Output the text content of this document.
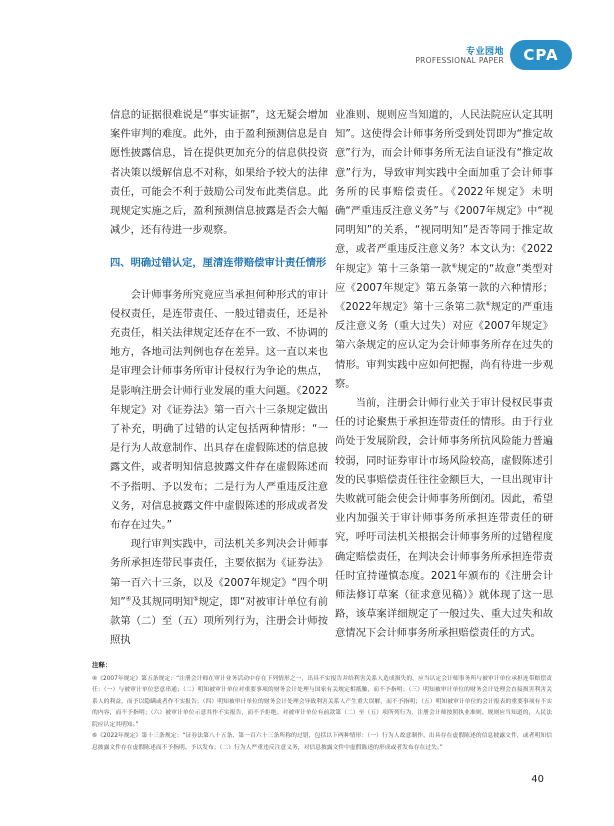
专业园地
PROFESSIONAL PAPER	CPA

信息的证据很难说是“事实证据”，这无疑会增加案件审判的难度。此外，由于盈利预测信息是自愿性披露信息，旨在提供更加充分的信息供投资者决策以缓解信息不对称，如果给予较大的法律责任，可能会不利于鼓励公司发布此类信息。此现规定实施之后，盈利预测信息披露是否会大幅减少，还有待进一步观察。

四、明确过错认定，厘清连带赔偿审计责任情形

会计师事务所究竟应当承担何种形式的审计侵权责任，是连带责任、一般过错责任，还是补充责任，相关法律规定还存在不一致、不协调的地方，各地司法判例也存在差异。这一直以来也是审理会计师事务所审计侵权行为争论的焦点，是影响注册会计师行业发展的重大问题。《2022年规定》对《证券法》第一百六十三条规定做出了补充，明确了过错的认定包括两种情形：“一是行为人故意制作、出具存在虚假陈述的信息披露文件，或者明知信息披露文件存在虚假陈述而不予指明、予以发布；二是行为人严重违反注意义务，对信息披露文件中虚假陈述的形成或者发布存在过失。”

现行审判实践中，司法机关多判决会计师事务所承担连带民事责任，主要依据为《证券法》第一百六十三条，以及《2007年规定》“四个明知”④及其规同明知⑤规定，即“对被审计单位有前款第（二）至（五）项所列行为，注册会计师按照执

业准则、规则应当知道的，人民法院应认定其明知”。这使得会计师事务所受到处罚即为“推定故意”行为，而会计师事务所无法自证没有“推定故意”行为，导致审判实践中全面加重了会计师事务所的民事赔偿责任。《2022年规定》未明确“严重违反注意义务”与《2007年规定》中“视同明知”的关系，“视同明知”是否等同于推定故意，或者严重违反注意义务？本文认为：《2022年规定》第十三条第一款⑥规定的“故意”类型对应《2007年规定》第五条第一款的六种情形；《2022年规定》第十三条第二款⑥规定的严重违反注意义务（重大过失）对应《2007年规定》第六条规定的应认定为会计师事务所存在过失的情形。审判实践中应如何把握，尚有待进一步观察。

当前，注册会计师行业关于审计侵权民事责任的讨论聚焦于承担连带责任的情形。由于行业尚处于发展阶段，会计师事务所抗风险能力普遍较弱，同时证券审计市场风险较高，虚假陈述引发的民事赔偿责任往往金额巨大，一旦出现审计失败就可能会使会计师事务所倒闭。因此，希望业内加强关于审计师事务所承担连带责任的研究，呼吁司法机关根据会计师事务所的过错程度确定赔偿责任，在判决会计师事务所承担连带责任时宜持谨慎态度。2021年颁布的《注册会计师法修订草案（征求意见稿）》就体现了这一思路，该草案详细规定了一般过失、重大过失和故意情况下会计师事务所承担赔偿责任的方式。

注释：

④《2007年规定》第五条规定：“注册会计师在审计业务活动中存在下列情形之一，出具不实报告并给利害关系人造成损失的，应当认定会计师事务所与被审计单位承担连带赔偿责任：（一）与被审计单位恶意串通；（二）明知被审计单位对重要事项的财务会计处理与国家有关规定相抵触，而不予指明；（三）明知被审计单位的财务会计处理会直接损害利害关系人的利益，而予以隐瞒或者作不实报告；（四）明知被审计单位的财务会计处理会导致利害关系人产生重大误解，而不予指明；（五）明知被审计单位的会计报表的重要事项有不实的内容，而不予指明；（六）被审计单位示意其作不实报告，而不予拒绝。对被审计单位有前款第（二）至（五）项所列行为，注册会计师按照执业准则、规则应当知道的，人民法院应认定其明知。”

⑥《2022年规定》第十三条规定：“证券法第八十五条、第一百六十三条所称的过错，包括以下两种情形：（一）行为人故意制作、出具存在虚假陈述的信息披露文件，或者明知信息披露文件存在虚假陈述而不予指明、予以发布；（二）行为人严重违反注意义务，对信息披露文件中虚假陈述的形成或者发布存在过失。”

40
